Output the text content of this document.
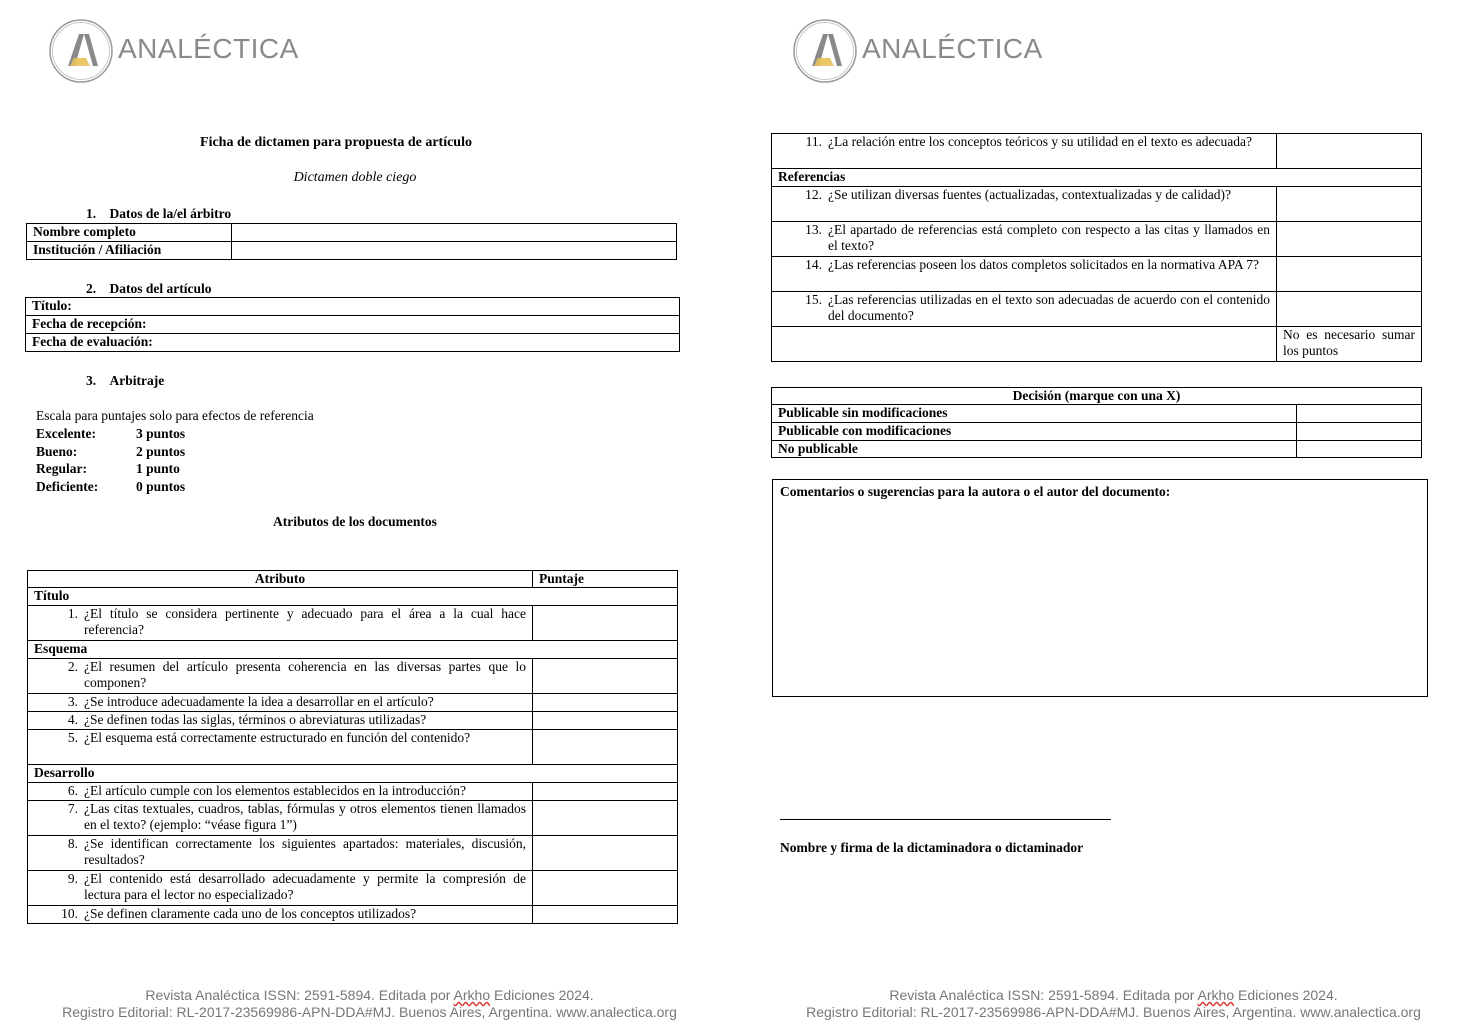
ANALÉCTICA
Ficha de dictamen para propuesta de artículo
Dictamen doble ciego
1. Datos de la/el árbitro
Nombre completo	
Institución / Afiliación	
2. Datos del artículo
Título:
Fecha de recepción:
Fecha de evaluación:
3. Arbitraje
Escala para puntajes solo para efectos de referencia
Excelente:	3 puntos
Bueno:	2 puntos
Regular:	1 punto
Deficiente:	0 puntos
Atributos de los documentos
Atributo	Puntaje
Título	

1. ¿El título se considera pertinente y adecuado para el área a la cual hace referencia?	

Esquema	

2. ¿El resumen del artículo presenta coherencia en las diversas partes que lo componen?	

3. ¿Se introduce adecuadamente la idea a desarrollar en el artículo?	

4. ¿Se definen todas las siglas, términos o abreviaturas utilizadas?	

5. ¿El esquema está correctamente estructurado en función del contenido?	

Desarrollo	

6. ¿El artículo cumple con los elementos establecidos en la introducción?	

7. ¿Las citas textuales, cuadros, tablas, fórmulas y otros elementos tienen llamados en el texto? (ejemplo: “véase figura 1”)	

8. ¿Se identifican correctamente los siguientes apartados: materiales, discusión, resultados?	

9. ¿El contenido está desarrollado adecuadamente y permite la compresión de lectura para el lector no especializado?	

10. ¿Se definen claramente cada uno de los conceptos utilizados?	

Revista Analéctica ISSN: 2591-5894. Editada por Arkho Ediciones 2024.
Registro Editorial: RL-2017-23569986-APN-DDA#MJ. Buenos Aires, Argentina. www.analectica.org
ANALÉCTICA
11. ¿La relación entre los conceptos teóricos y su utilidad en el texto es adecuada?	

Referencias	

12. ¿Se utilizan diversas fuentes (actualizadas, contextualizadas y de calidad)?	

13. ¿El apartado de referencias está completo con respecto a las citas y llamados en el texto?	

14. ¿Las referencias poseen los datos completos solicitados en la normativa APA 7?	

15. ¿Las referencias utilizadas en el texto son adecuadas de acuerdo con el contenido del documento?	

	No es necesario sumar los puntos
Decisión (marque con una X)	
Publicable sin modificaciones	
Publicable con modificaciones	
No publicable	
Comentarios o sugerencias para la autora o el autor del documento:
Nombre y firma de la dictaminadora o dictaminador
Revista Analéctica ISSN: 2591-5894. Editada por Arkho Ediciones 2024.
Registro Editorial: RL-2017-23569986-APN-DDA#MJ. Buenos Aires, Argentina. www.analectica.org
